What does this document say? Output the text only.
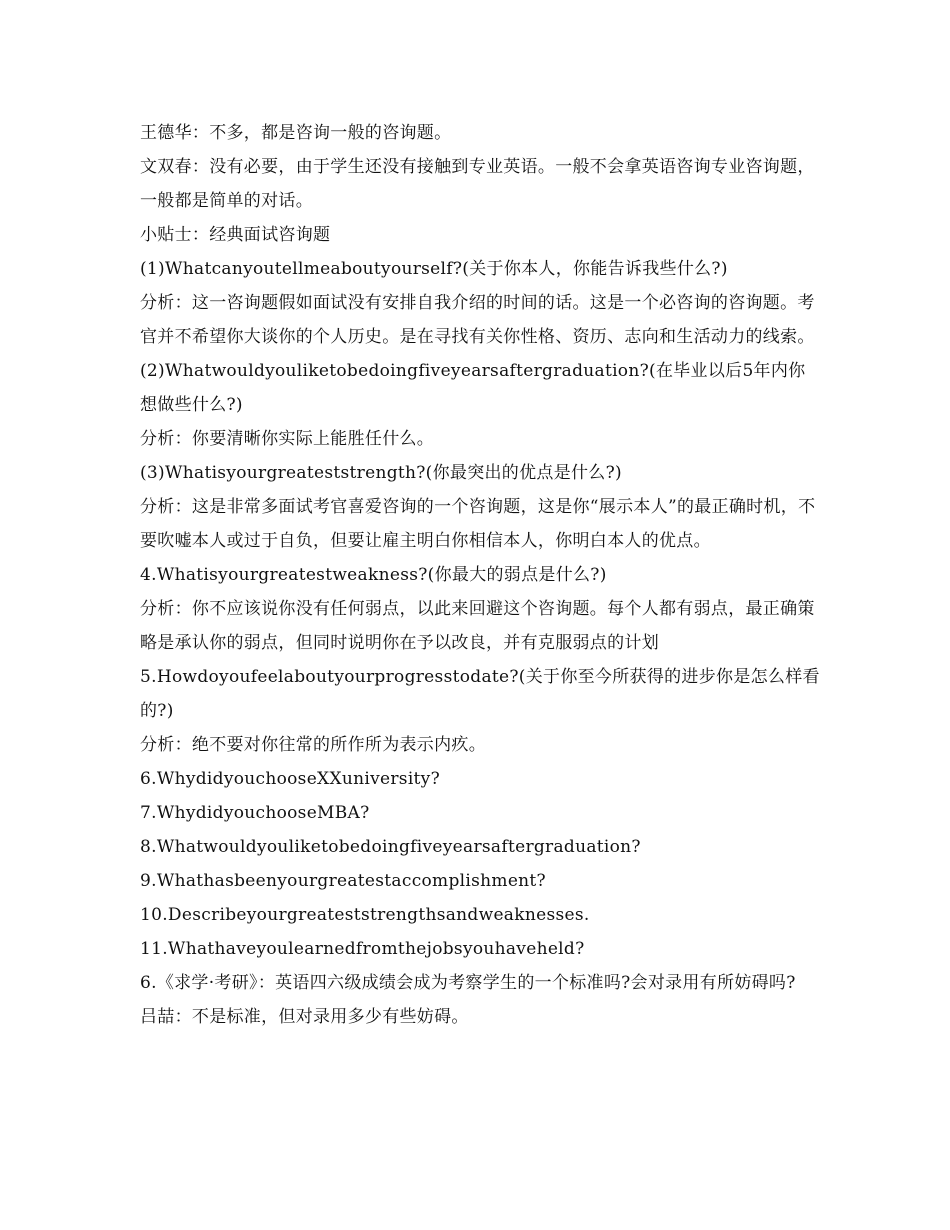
王德华：不多，都是咨询一般的咨询题。

文双春：没有必要，由于学生还没有接触到专业英语。一般不会拿英语咨询专业咨询题，一般都是简单的对话。

小贴士：经典面试咨询题

(1)Whatcanyoutellmeaboutyourself?(关于你本人，你能告诉我些什么?)

分析：这一咨询题假如面试没有安排自我介绍的时间的话。这是一个必咨询的咨询题。考官并不希望你大谈你的个人历史。是在寻找有关你性格、资历、志向和生活动力的线索。

(2)Whatwouldyouliketobedoingfiveyearsaftergraduation?(在毕业以后5年内你想做些什么?)

分析：你要清晰你实际上能胜任什么。

(3)Whatisyourgreateststrength?(你最突出的优点是什么?)

分析：这是非常多面试考官喜爱咨询的一个咨询题，这是你“展示本人”的最正确时机，不要吹嘘本人或过于自负，但要让雇主明白你相信本人，你明白本人的优点。

4.Whatisyourgreatestweakness?(你最大的弱点是什么?)

分析：你不应该说你没有任何弱点，以此来回避这个咨询题。每个人都有弱点，最正确策略是承认你的弱点，但同时说明你在予以改良，并有克服弱点的计划

5.Howdoyoufeelaboutyourprogresstodate?(关于你至今所获得的进步你是怎么样看的?)

分析：绝不要对你往常的所作所为表示内疚。

6.WhydidyouchooseXXuniversity?

7.WhydidyouchooseMBA?

8.Whatwouldyouliketobedoingfiveyearsaftergraduation?

9.Whathasbeenyourgreatestaccomplishment?

10.Describeyourgreateststrengthsandweaknesses.

11.Whathaveyoulearnedfromthejobsyouhaveheld?

6.《求学·考研》：英语四六级成绩会成为考察学生的一个标准吗?会对录用有所妨碍吗?

吕喆：不是标准，但对录用多少有些妨碍。
